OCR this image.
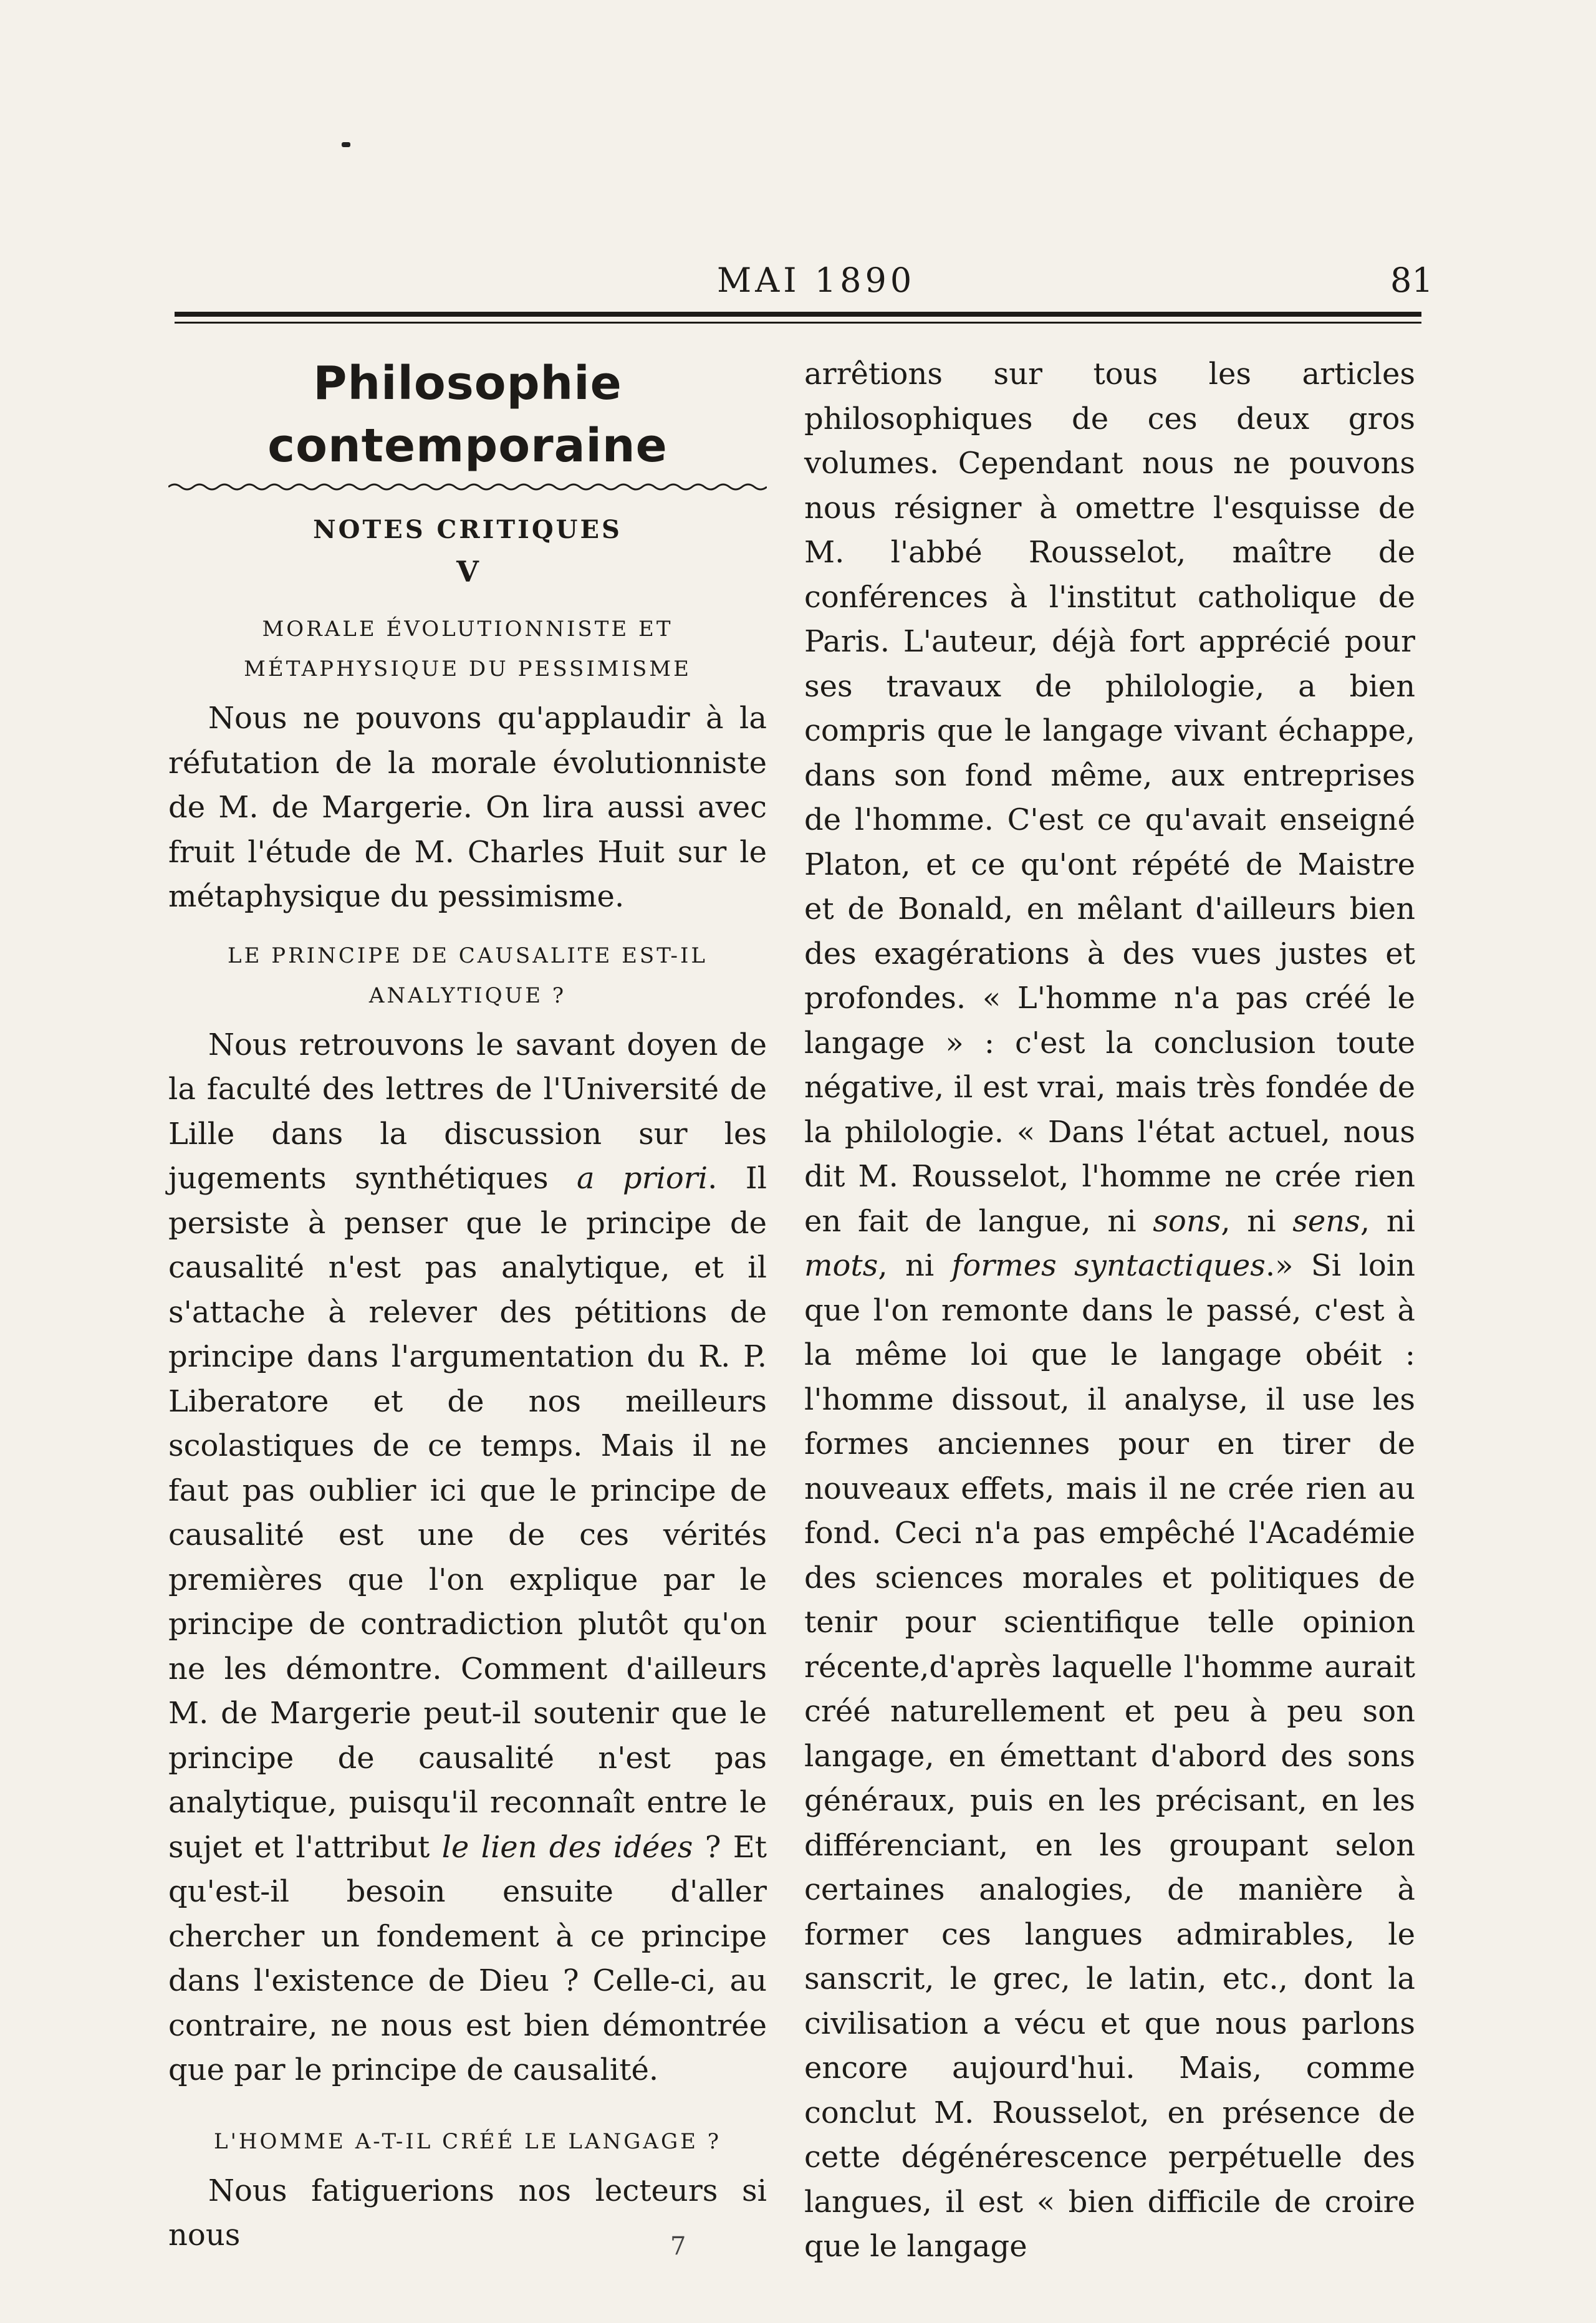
MAI 1890	81
Philosophie contemporaine

NOTES CRITIQUES

V

MORALE ÉVOLUTIONNISTE ET MÉTAPHYSIQUE DU PESSIMISME

Nous ne pouvons qu'applaudir à la réfutation de la morale évolutionniste de M. de Margerie. On lira aussi avec fruit l'étude de M. Charles Huit sur le métaphysique du pessimisme.

LE PRINCIPE DE CAUSALITE EST-IL ANALYTIQUE ?

Nous retrouvons le savant doyen de la faculté des lettres de l'Université de Lille dans la discussion sur les jugements synthétiques a priori. Il persiste à penser que le principe de causalité n'est pas analytique, et il s'attache à relever des pétitions de principe dans l'argumentation du R. P. Liberatore et de nos meilleurs scolastiques de ce temps. Mais il ne faut pas oublier ici que le principe de causalité est une de ces vérités premières que l'on explique par le principe de contradiction plutôt qu'on ne les démontre. Comment d'ailleurs M. de Margerie peut-il soutenir que le principe de causalité n'est pas analytique, puisqu'il reconnaît entre le sujet et l'attribut le lien des idées ? Et qu'est-il besoin ensuite d'aller chercher un fondement à ce principe dans l'existence de Dieu ? Celle-ci, au contraire, ne nous est bien démontrée que par le principe de causalité.

L'HOMME A-T-IL CRÉÉ LE LANGAGE ?

Nous fatiguerions nos lecteurs si nous

arrêtions sur tous les articles philosophiques de ces deux gros volumes. Cependant nous ne pouvons nous résigner à omettre l'esquisse de M. l'abbé Rousselot, maître de conférences à l'institut catholique de Paris. L'auteur, déjà fort apprécié pour ses travaux de philologie, a bien compris que le langage vivant échappe, dans son fond même, aux entreprises de l'homme. C'est ce qu'avait enseigné Platon, et ce qu'ont répété de Maistre et de Bonald, en mêlant d'ailleurs bien des exagérations à des vues justes et profondes. « L'homme n'a pas créé le langage » : c'est la conclusion toute négative, il est vrai, mais très fondée de la philologie. « Dans l'état actuel, nous dit M. Rousselot, l'homme ne crée rien en fait de langue, ni sons, ni sens, ni mots, ni formes syntactiques.» Si loin que l'on remonte dans le passé, c'est à la même loi que le langage obéit : l'homme dissout, il analyse, il use les formes anciennes pour en tirer de nouveaux effets, mais il ne crée rien au fond. Ceci n'a pas empêché l'Académie des sciences morales et politiques de tenir pour scientifique telle opinion récente,d'après laquelle l'homme aurait créé naturellement et peu à peu son langage, en émettant d'abord des sons généraux, puis en les précisant, en les différenciant, en les groupant selon certaines analogies, de manière à former ces langues admirables, le sanscrit, le grec, le latin, etc., dont la civilisation a vécu et que nous parlons encore aujourd'hui. Mais, comme conclut M. Rousselot, en présence de cette dégénérescence perpétuelle des langues, il est « bien difficile de croire que le langage

7
